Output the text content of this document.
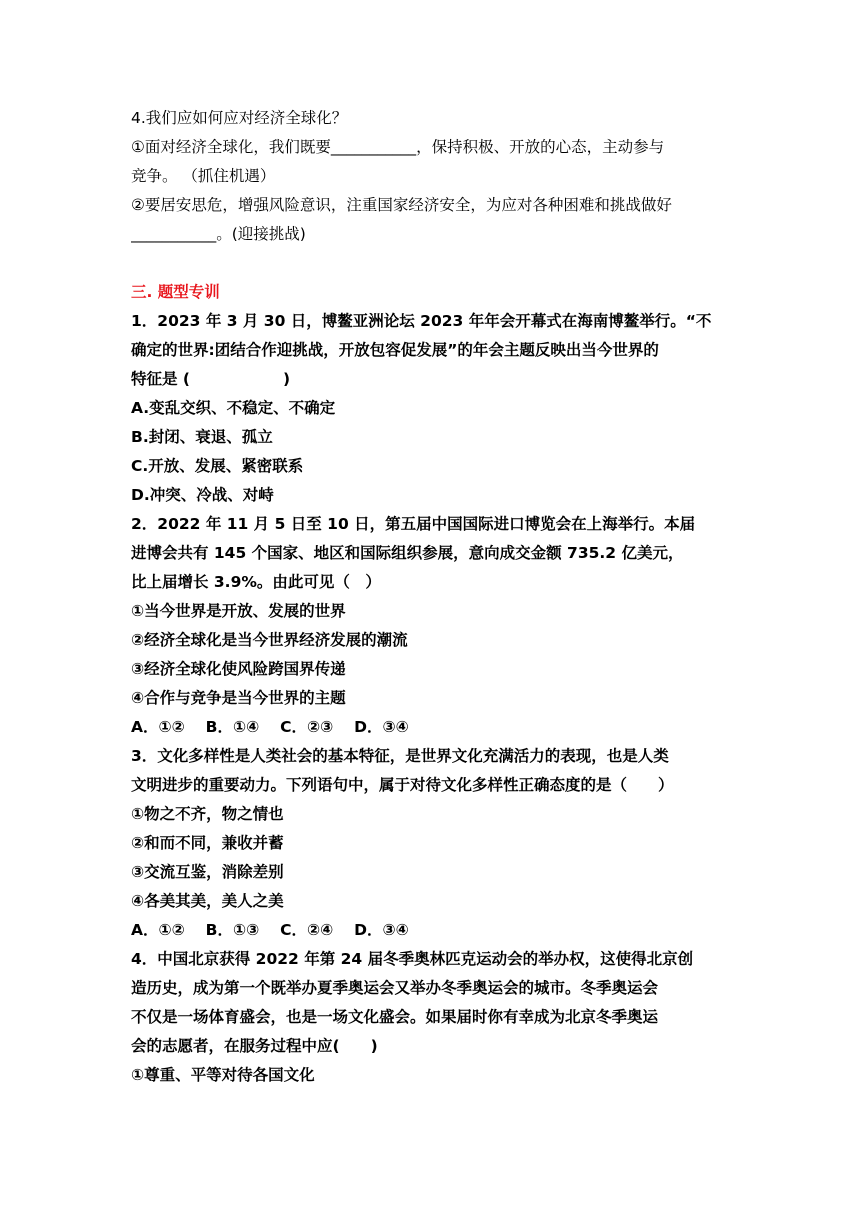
4.我们应如何应对经济全球化？
①面对经济全球化，我们既要___________，保持积极、开放的心态，主动参与
竞争。 （抓住机遇）
②要居安思危，增强风险意识，注重国家经济安全，为应对各种困难和挑战做好
___________。(迎接挑战)
三. 题型专训
1．2023 年 3 月 30 日，博鳌亚洲论坛 2023 年年会开幕式在海南博鳌举行。“不
确定的世界:团结合作迎挑战，开放包容促发展”的年会主题反映出当今世界的
特征是 (　　　　　　)
A.变乱交织、不稳定、不确定
B.封闭、衰退、孤立
C.开放、发展、紧密联系
D.冲突、冷战、对峙
2．2022 年 11 月 5 日至 10 日，第五届中国国际进口博览会在上海举行。本届
进博会共有 145 个国家、地区和国际组织参展，意向成交金额 735.2 亿美元，
比上届增长 3.9%。由此可见（　）
①当今世界是开放、发展的世界
②经济全球化是当今世界经济发展的潮流
③经济全球化使风险跨国界传递
④合作与竞争是当今世界的主题
A．①②　 B．①④　 C．②③　 D．③④
3．文化多样性是人类社会的基本特征，是世界文化充满活力的表现，也是人类
文明进步的重要动力。下列语句中，属于对待文化多样性正确态度的是（　　）
①物之不齐，物之情也
②和而不同，兼收并蓄
③交流互鉴，消除差别
④各美其美，美人之美
A．①②　 B．①③　 C．②④　 D．③④
4．中国北京获得 2022 年第 24 届冬季奥林匹克运动会的举办权，这使得北京创
造历史，成为第一个既举办夏季奥运会又举办冬季奥运会的城市。冬季奥运会
不仅是一场体育盛会，也是一场文化盛会。如果届时你有幸成为北京冬季奥运
会的志愿者，在服务过程中应(　　)
①尊重、平等对待各国文化
